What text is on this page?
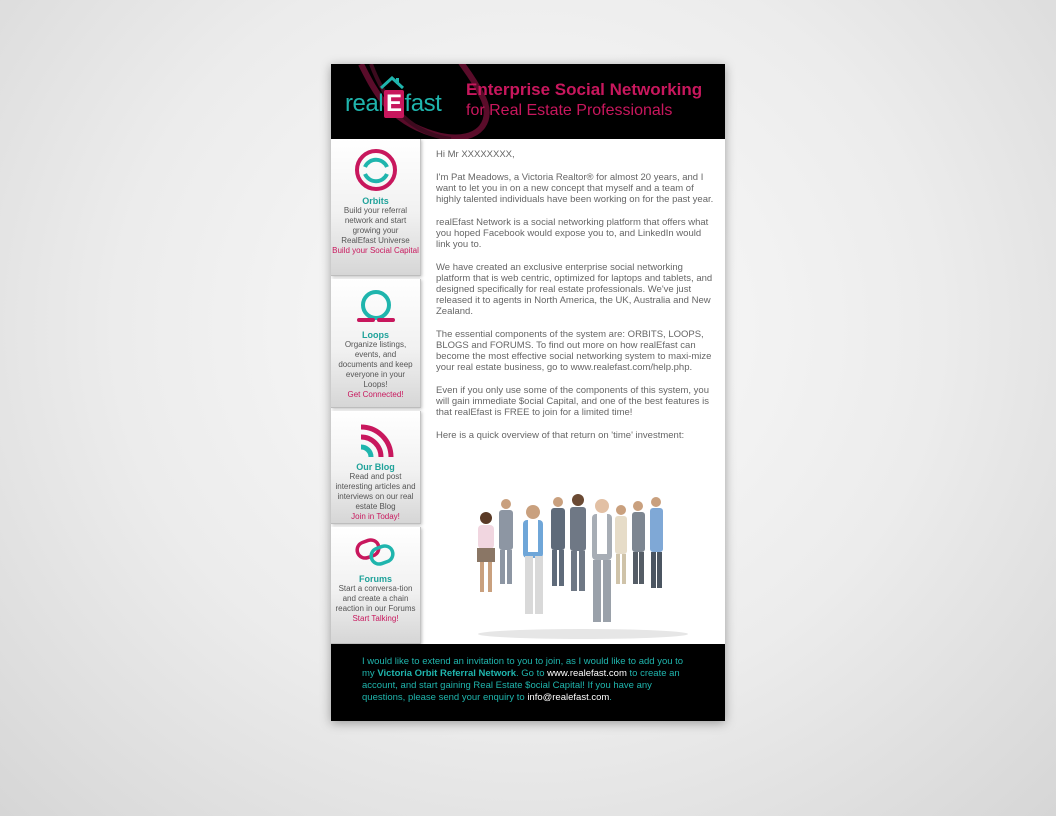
real E fast
Enterprise Social Networking
for Real Estate Professionals
Orbits
Build your referral network and start growing your RealEfast Universe
Build your Social Capital
Loops
Organize listings, events, and documents and keep everyone in your Loops!
Get Connected!
Our Blog
Read and post interesting articles and interviews on our real estate Blog
Join in Today!
Forums
Start a conversa-tion and create a chain reaction in our Forums
Start Talking!

Hi Mr XXXXXXXX,

I'm Pat Meadows, a Victoria Realtor® for almost 20 years, and I want to let you in on a new concept that myself and a team of highly talented individuals have been working on for the past year.

realEfast Network is a social networking platform that offers what you hoped Facebook would expose you to, and LinkedIn would link you to.

We have created an exclusive enterprise social networking platform that is web centric, optimized for laptops and tablets, and designed specifically for real estate professionals. We've just released it to agents in North America, the UK, Australia and New Zealand.

The essential components of the system are: ORBITS, LOOPS, BLOGS and FORUMS. To find out more on how realEfast can become the most effective social networking system to maxi-mize your real estate business, go to www.realefast.com/help.php.

Even if you only use some of the components of this system, you will gain immediate $ocial Capital, and one of the best features is that realEfast is FREE to join for a limited time!

Here is a quick overview of that return on 'time' investment:

I would like to extend an invitation to you to join, as I would like to add you to my Victoria Orbit Referral Network. Go to www.realefast.com to create an account, and start gaining Real Estate $ocial Capital! If you have any questions, please send your enquiry to info@realefast.com.
